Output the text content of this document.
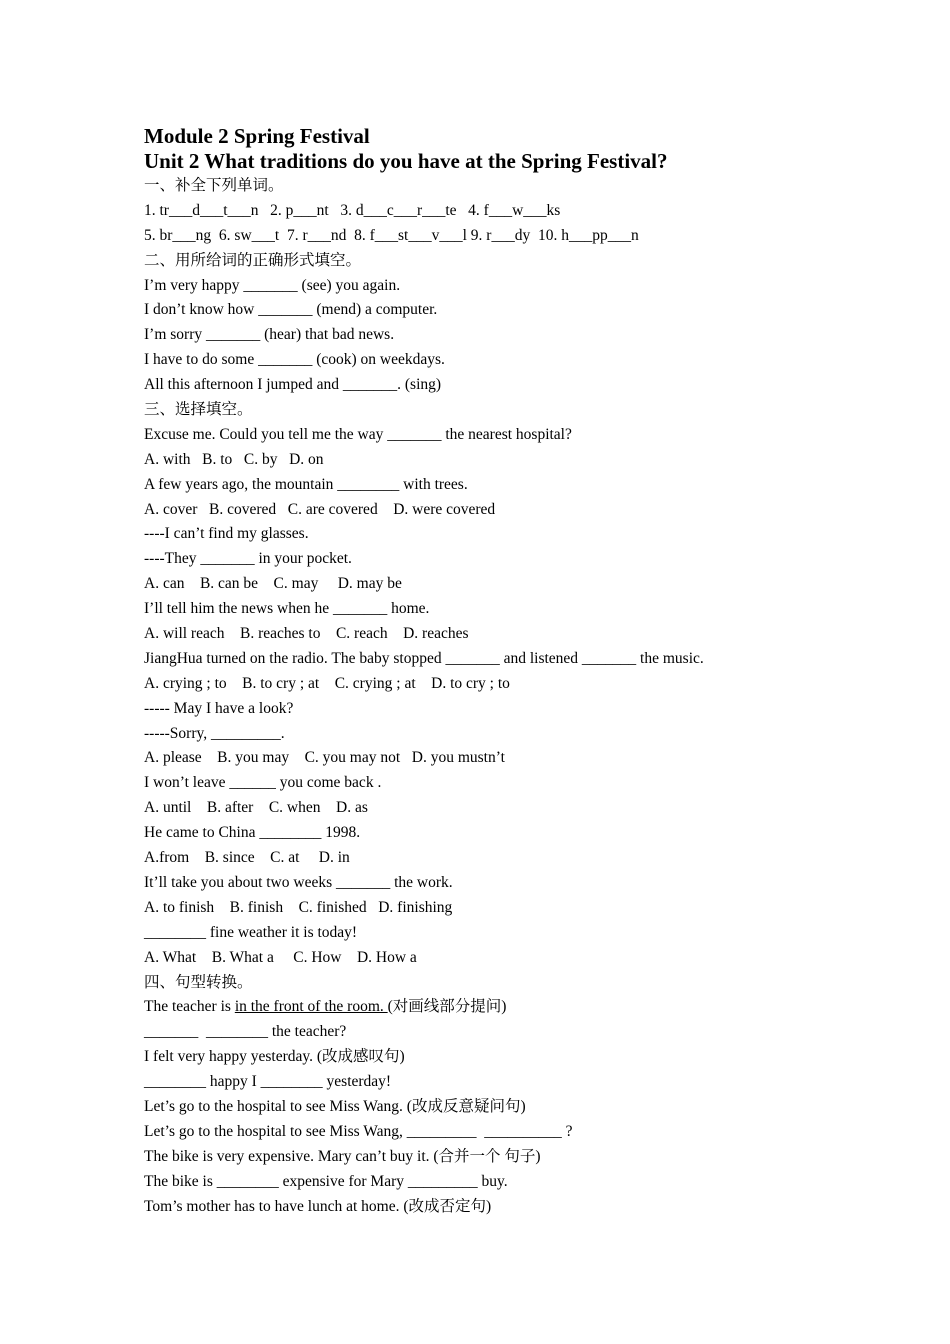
Module 2 Spring Festival
Unit 2 What traditions do you have at the Spring Festival?
一、补全下列单词。
1. tr___d___t___n   2. p___nt   3. d___c___r___te   4. f___w___ks
5. br___ng  6. sw___t  7. r___nd  8. f___st___v___l 9. r___dy  10. h___pp___n
二、用所给词的正确形式填空。
I’m very happy _______ (see) you again.
I don’t know how _______ (mend) a computer.
I’m sorry _______ (hear) that bad news.
I have to do some _______ (cook) on weekdays.
All this afternoon I jumped and _______. (sing)
三、选择填空。
Excuse me. Could you tell me the way _______ the nearest hospital?
A. with   B. to   C. by   D. on
A few years ago, the mountain ________ with trees.
A. cover   B. covered   C. are covered    D. were covered
----I can’t find my glasses.
----They _______ in your pocket.
A. can    B. can be    C. may     D. may be
I’ll tell him the news when he _______ home.
A. will reach    B. reaches to    C. reach    D. reaches
JiangHua turned on the radio. The baby stopped _______ and listened _______ the music.
A. crying ; to    B. to cry ; at    C. crying ; at    D. to cry ; to
----- May I have a look?
-----Sorry, _________.
A. please    B. you may    C. you may not   D. you mustn’t
I won’t leave ______ you come back .
A. until    B. after    C. when    D. as
He came to China ________ 1998.
A.from    B. since    C. at     D. in
It’ll take you about two weeks _______ the work.
A. to finish    B. finish    C. finished   D. finishing
________ fine weather it is today!
A. What    B. What a     C. How    D. How a
四、句型转换。
The teacher is in the front of the room. (对画线部分提问)
_______  ________ the teacher?
I felt very happy yesterday. (改成感叹句)
________ happy I ________ yesterday!
Let’s go to the hospital to see Miss Wang. (改成反意疑问句)
Let’s go to the hospital to see Miss Wang, _________  __________ ?
The bike is very expensive. Mary can’t buy it. (合并一个 句子)
The bike is ________ expensive for Mary _________ buy.
Tom’s mother has to have lunch at home. (改成否定句)
